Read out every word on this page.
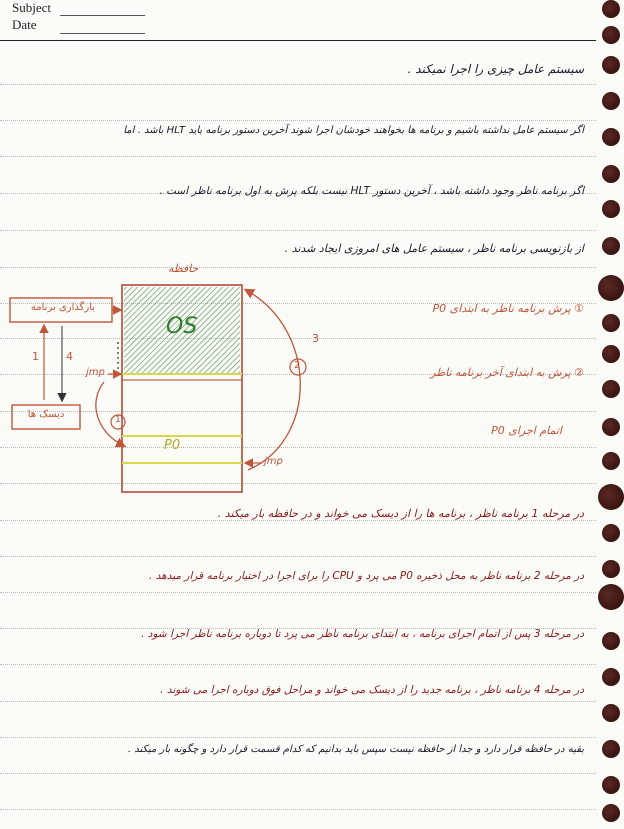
Subject
Date
سیستم عامل چیزی را اجرا نمیکند .
اگر سیستم عامل نداشته باشیم و برنامه ها بخواهند خودشان اجرا شوند آخرین دستور برنامه باید HLT باشد . اما
اگر برنامه ناظر وجود داشته باشد ، آخرین دستور HLT نیست بلکه پرش به اول برنامه ناظر است .
از بازنویسی برنامه ناظر ، سیستم عامل های امروزی ایجاد شدند .
حافظه
OS
P0
jmp
jmp
بارگذاری برنامه
دیسک ها
1 4
2
1
3
① پرش برنامه ناظر به ابتدای P0
② پرش به ابتدای آخر برنامه ناظر
اتمام اجرای P0
در مرحله 1 برنامه ناظر ، برنامه ها را از دیسک می خواند و در حافظه بار میکند .
در مرحله 2 برنامه ناظر به محل ذخیره P0 می پرد و CPU را برای اجرا در اختیار برنامه قرار میدهد .
در مرحله 3 پس از اتمام اجرای برنامه ، به ابتدای برنامه ناظر می پرد تا دوباره برنامه ناظر اجرا شود .
در مرحله 4 برنامه ناظر ، برنامه جدید را از دیسک می خواند و مراحل فوق دوباره اجرا می شوند .
بقیه در حافظه قرار دارد و جدا از حافظه نیست سپس باید بدانیم که کدام قسمت قرار دارد و چگونه بار میکند .
